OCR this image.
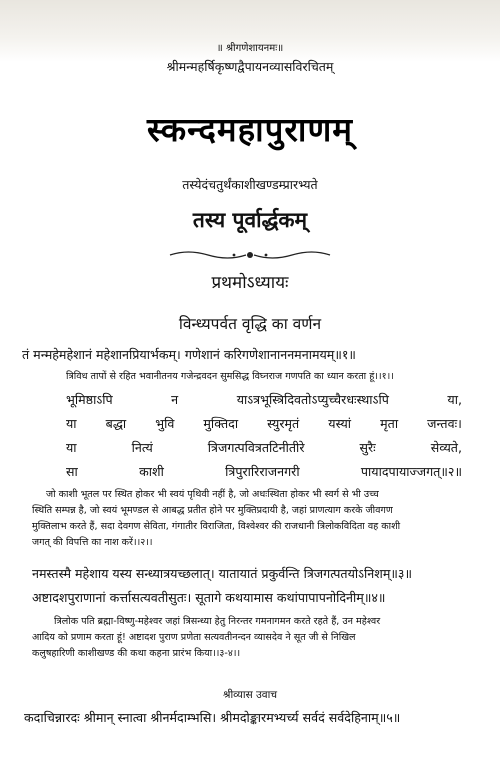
॥ श्रीगणेशायनमः॥
श्रीमन्महर्षिकृष्णद्वैपायनव्यासविरचितम्
स्कन्दमहापुराणम्
तस्येदंचतुर्थंकाशीखण्डम्प्रारभ्यते
तस्य पूर्वार्द्धकम्
प्रथमोऽध्यायः
विन्ध्यपर्वत वृद्धि का वर्णन
तं मन्महेमहेशानं महेशानप्रियार्भकम्। गणेशानं करिगणेशानाननमनामयम्॥१॥
त्रिविध तापों से रहित भवानीतनय गजेन्द्रवदन सुमसिद्ध विघ्नराज गणपति का ध्यान करता हूं।।१।।
भूमिष्ठाऽपि	न	याऽत्रभूस्त्रिदिवतोऽप्युच्चैरधःस्थाऽपि	या,
या बद्धा भुवि मुक्तिदा स्युरमृतं यस्यां मृता जन्तवः।
या	नित्यं	त्रिजगत्पवित्रतटिनीतीरे	सुरैः	सेव्यते,
सा	काशी	त्रिपुरारिराजनगरी	पायादपायाज्जगत्॥२॥
जो काशी भूतल पर स्थित होकर भी स्वयं पृथिवी नहीं है, जो अधःस्थिता होकर भी स्वर्ग से भी उच्च
स्थिति सम्पन्न है, जो स्वयं भूमण्डल से आबद्ध प्रतीत होने पर मुक्तिप्रदायी है, जहां प्राणत्याग करके जीवगण
मुक्तिलाभ करते हैं, सदा देवगण सेविता, गंगातीर विराजिता, विश्वेश्वर की राजधानी त्रिलोकविदिता वह काशी
जगत् की विपत्ति का नाश करें।।२।।
नमस्तस्मै महेशाय यस्य सन्ध्यात्रयच्छलात्। यातायातं प्रकुर्वन्ति त्रिजगत्पतयोऽनिशम्॥३॥
अष्टादशपुराणानां कर्त्तासत्यवतीसुतः। सूतागे कथयामास कथांपापापनोदिनीम्॥४॥
त्रिलोक पति ब्रह्मा-विष्णु-महेश्वर जहां त्रिसन्ध्या हेतु निरन्तर गमनागमन करते रहते हैं, उन महेश्वर
आदिय को प्रणाम करता हूं! अष्टादश पुराण प्रणेता सत्यवतीनन्दन व्यासदेव ने सूत जी से निखिल
कलुषहारिणी काशीखण्ड की कथा कहना प्रारंभ किया।।३-४।।
श्रीव्यास उवाच
कदाचिन्नारदः श्रीमान् स्नात्वा श्रीनर्मदाम्भसि। श्रीमदोङ्कारमभ्यर्च्य सर्वदं सर्वदेहिनाम्॥५॥
